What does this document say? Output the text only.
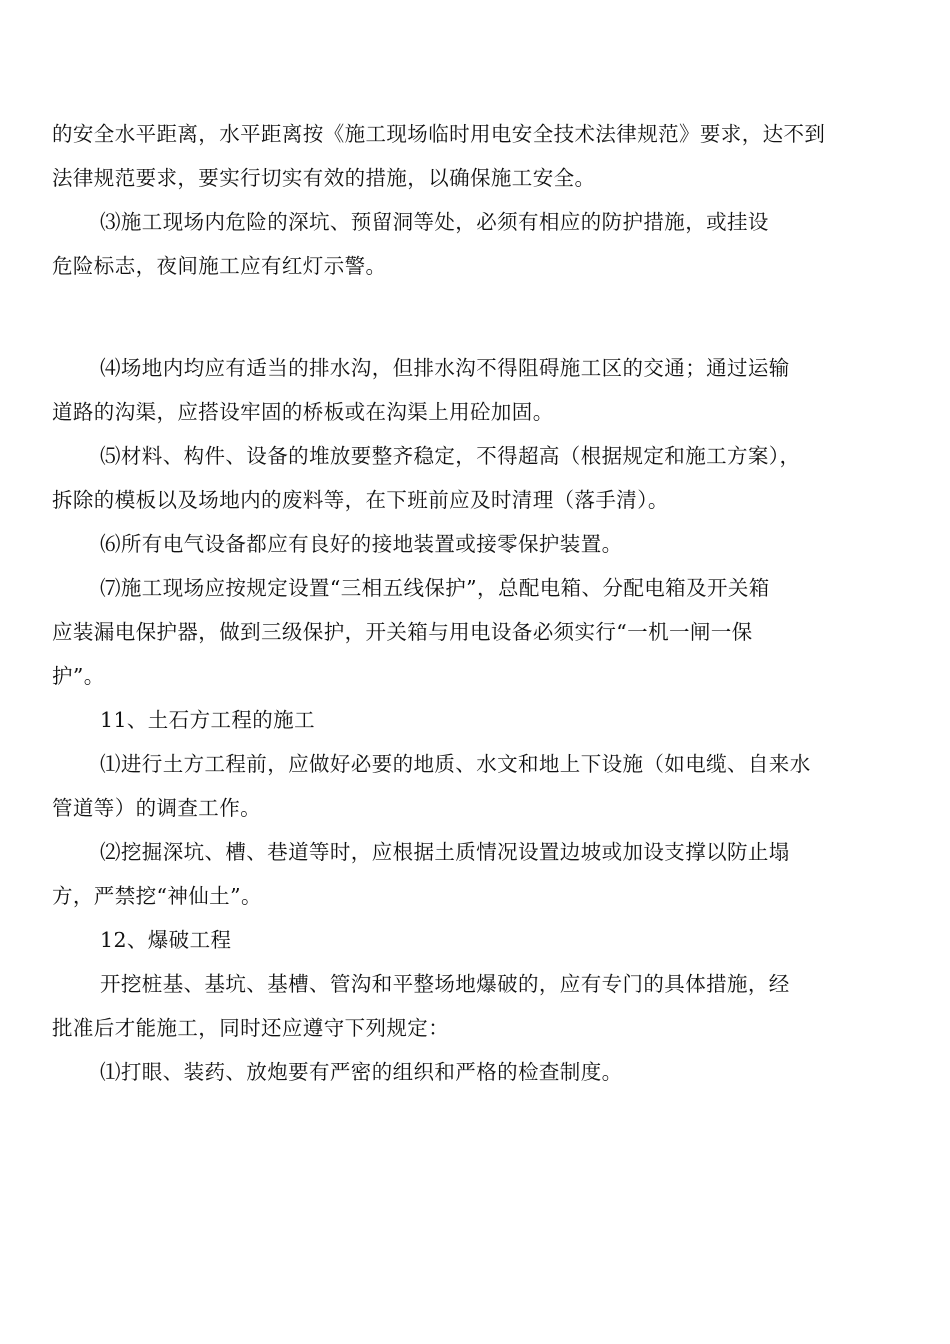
的安全水平距离，水平距离按《施工现场临时用电安全技术法律规范》要求，达不到
法律规范要求，要实行切实有效的措施，以确保施工安全。

⑶施工现场内危险的深坑、预留洞等处，必须有相应的防护措施，或挂设
危险标志，夜间施工应有红灯示警。

⑷场地内均应有适当的排水沟，但排水沟不得阻碍施工区的交通；通过运输
道路的沟渠，应搭设牢固的桥板或在沟渠上用砼加固。

⑸材料、构件、设备的堆放要整齐稳定，不得超高（根据规定和施工方案），
拆除的模板以及场地内的废料等，在下班前应及时清理（落手清）。

⑹所有电气设备都应有良好的接地装置或接零保护装置。

⑺施工现场应按规定设置“三相五线保护”，总配电箱、分配电箱及开关箱
应装漏电保护器，做到三级保护，开关箱与用电设备必须实行“一机一闸一保
护”。

11、土石方工程的施工

⑴进行土方工程前，应做好必要的地质、水文和地上下设施（如电缆、自来水
管道等）的调查工作。

⑵挖掘深坑、槽、巷道等时，应根据土质情况设置边坡或加设支撑以防止塌
方，严禁挖“神仙土”。

12、爆破工程

开挖桩基、基坑、基槽、管沟和平整场地爆破的，应有专门的具体措施，经
批准后才能施工，同时还应遵守下列规定：

⑴打眼、装药、放炮要有严密的组织和严格的检查制度。
